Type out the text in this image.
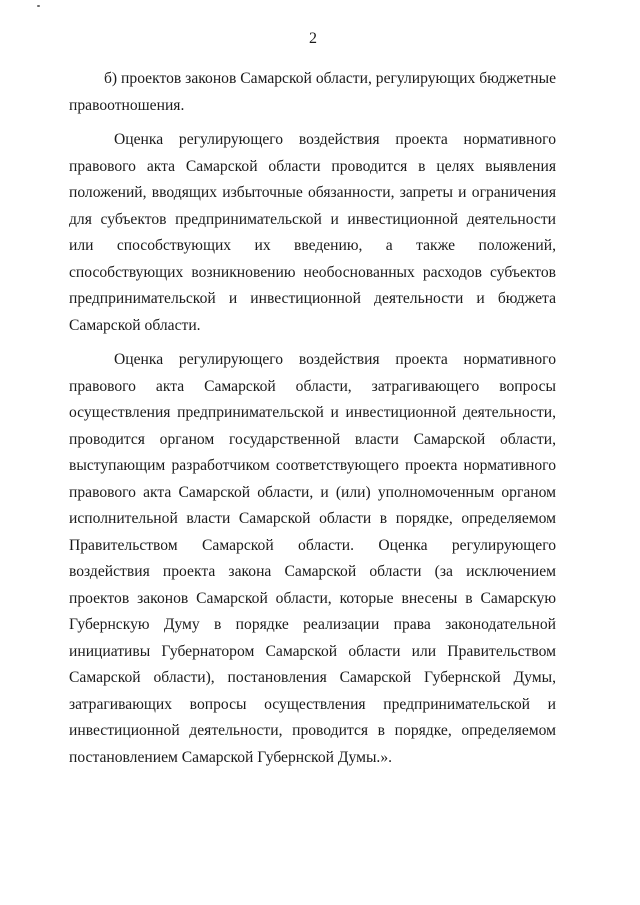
2

б) проектов законов Самарской области, регулирующих бюджетные правоотношения.

Оценка регулирующего воздействия проекта нормативного правового акта Самарской области проводится в целях выявления положений, вводящих избыточные обязанности, запреты и ограничения для субъектов предпринимательской и инвестиционной деятельности или способствующих их введению, а также положений, способствующих возникновению необоснованных расходов субъектов предпринимательской и инвестиционной деятельности и бюджета Самарской области.

Оценка регулирующего воздействия проекта нормативного правового акта Самарской области, затрагивающего вопросы осуществления предпринимательской и инвестиционной деятельности, проводится органом государственной власти Самарской области, выступающим разработчиком соответствующего проекта нормативного правового акта Самарской области, и (или) уполномоченным органом исполнительной власти Самарской области в порядке, определяемом Правительством Самарской области. Оценка регулирующего воздействия проекта закона Самарской области (за исключением проектов законов Самарской области, которые внесены в Самарскую Губернскую Думу в порядке реализации права законодательной инициативы Губернатором Самарской области или Правительством Самарской области), постановления Самарской Губернской Думы, затрагивающих вопросы осуществления предпринимательской и инвестиционной деятельности, проводится в порядке, определяемом постановлением Самарской Губернской Думы.».
